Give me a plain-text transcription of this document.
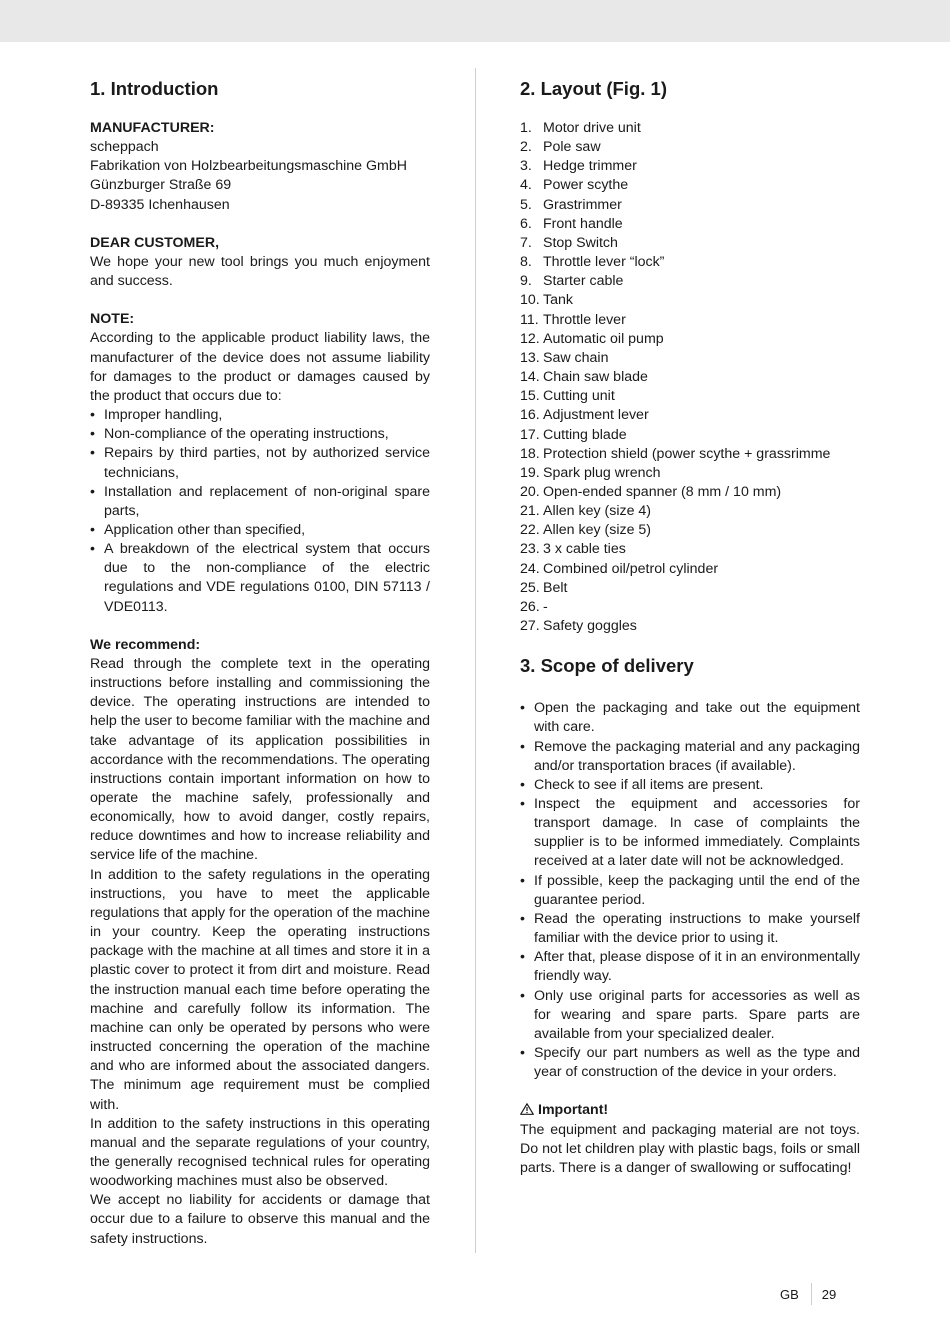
1. Introduction
MANUFACTURER:
scheppach
Fabrikation von Holzbearbeitungsmaschine GmbH
Günzburger Straße 69
D-89335 Ichenhausen
DEAR CUSTOMER,

We hope your new tool brings you much enjoyment and success.

NOTE:

According to the applicable product liability laws, the manufacturer of the device does not assume liability for damages to the product or damages caused by the product that occurs due to:

• Improper handling,
• Non-compliance of the operating instructions,
• Repairs by third parties, not by authorized service technicians,
• Installation and replacement of non-original spare parts,
• Application other than specified,
• A breakdown of the electrical system that occurs due to the non-compliance of the electric regulations and VDE regulations 0100, DIN 57113 / VDE0113.
We recommend:

Read through the complete text in the operating instructions before installing and commissioning the device. The operating instructions are intended to help the user to become familiar with the machine and take advantage of its application possibilities in accordance with the recommendations. The operating instructions contain important information on how to operate the machine safely, professionally and economically, how to avoid danger, costly repairs, reduce downtimes and how to increase reliability and service life of the machine.

In addition to the safety regulations in the operating instructions, you have to meet the applicable regulations that apply for the operation of the machine in your country. Keep the operating instructions package with the machine at all times and store it in a plastic cover to protect it from dirt and moisture. Read the instruction manual each time before operating the machine and carefully follow its information. The machine can only be operated by persons who were instructed concerning the operation of the machine and who are informed about the associated dangers. The minimum age requirement must be complied with.

In addition to the safety instructions in this operating manual and the separate regulations of your country, the generally recognised technical rules for operating woodworking machines must also be observed.

We accept no liability for accidents or damage that occur due to a failure to observe this manual and the safety instructions.

2. Layout (Fig. 1)
1. Motor drive unit
2. Pole saw
3. Hedge trimmer
4. Power scythe
5. Grastrimmer
6. Front handle
7. Stop Switch
8. Throttle lever “lock”
9. Starter cable
10. Tank
11. Throttle lever
12. Automatic oil pump
13. Saw chain
14. Chain saw blade
15. Cutting unit
16. Adjustment lever
17. Cutting blade
18. Protection shield (power scythe + grassrimme
19. Spark plug wrench
20. Open-ended spanner (8 mm / 10 mm)
21. Allen key (size 4)
22. Allen key (size 5)
23. 3 x cable ties
24. Combined oil/petrol cylinder
25. Belt
26. -
27. Safety goggles
3. Scope of delivery
• Open the packaging and take out the equipment with care.
• Remove the packaging material and any packaging and/or transportation braces (if available).
• Check to see if all items are present.
• Inspect the equipment and accessories for transport damage. In case of complaints the supplier is to be informed immediately. Complaints received at a later date will not be acknowledged.
• If possible, keep the packaging until the end of the guarantee period.
• Read the operating instructions to make yourself familiar with the device prior to using it.
• After that, please dispose of it in an environmentally friendly way.
• Only use original parts for accessories as well as for wearing and spare parts. Spare parts are available from your specialized dealer.
• Specify our part numbers as well as the type and year of construction of the device in your orders.
Important!

The equipment and packaging material are not toys. Do not let children play with plastic bags, foils or small parts. There is a danger of swallowing or suffocating!

GB	29
